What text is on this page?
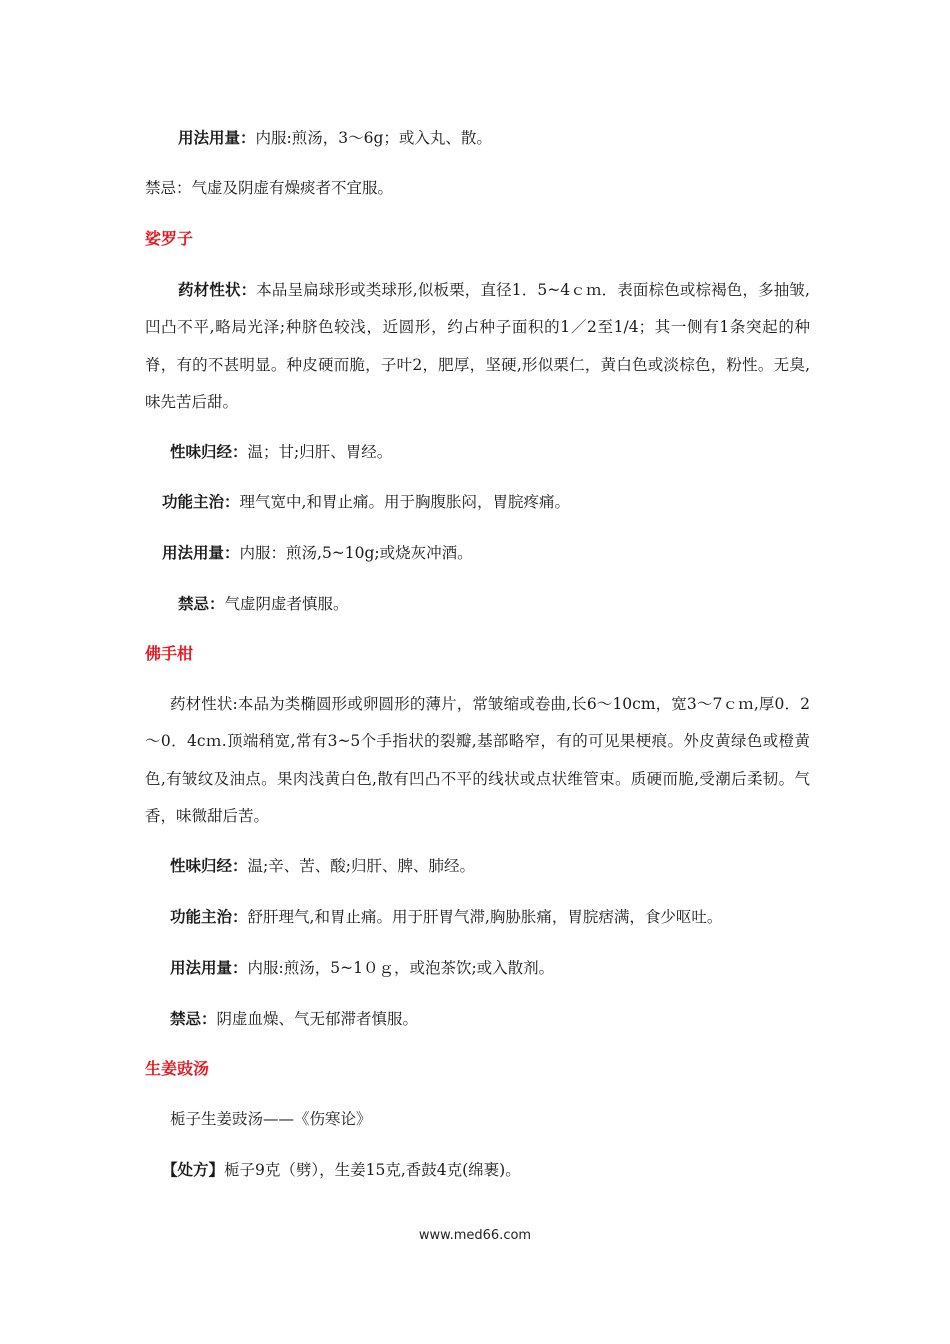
用法用量：内服:煎汤，3～6g；或入丸、散。
禁忌：气虚及阴虚有燥痰者不宜服。
娑罗子
药材性状：本品呈扁球形或类球形,似板栗，直径1．5~4ｃｍ．表面棕色或棕褐色，多抽皱,凹凸不平,略局光泽;种脐色较浅，近圆形，约占种子面积的1／2至1/4；其一侧有1条突起的种脊，有的不甚明显。种皮硬而脆，子叶2，肥厚，坚硬,形似栗仁，黄白色或淡棕色，粉性。无臭,味先苦后甜。
性味归经：温；甘;归肝、胃经。
功能主治：理气宽中,和胃止痛。用于胸腹胀闷，胃脘疼痛。
用法用量：内服：煎汤,5~10g;或烧灰冲酒。
禁忌：气虚阴虚者慎服。
佛手柑
药材性状:本品为类椭圆形或卵圆形的薄片，常皱缩或卷曲,长6～10cm，宽3～7ｃｍ,厚0．2～0．4cｍ.顶端稍宽,常有3~5个手指状的裂瓣,基部略窄，有的可见果梗痕。外皮黄绿色或橙黄色,有皱纹及油点。果肉浅黄白色,散有凹凸不平的线状或点状维管束。质硬而脆,受潮后柔韧。气香，味微甜后苦。
性味归经：温;辛、苦、酸;归肝、脾、肺经。
功能主治：舒肝理气,和胃止痛。用于肝胃气滞,胸胁胀痛，胃脘痞满，食少呕吐。
用法用量：内服:煎汤，5~1０ｇ，或泡茶饮;或入散剂。
禁忌：阴虚血燥、气无郁滞者慎服。
生姜豉汤
栀子生姜豉汤——《伤寒论》
【处方】栀子9克（劈），生姜15克,香鼓4克(绵裹)。
www.med66.com
